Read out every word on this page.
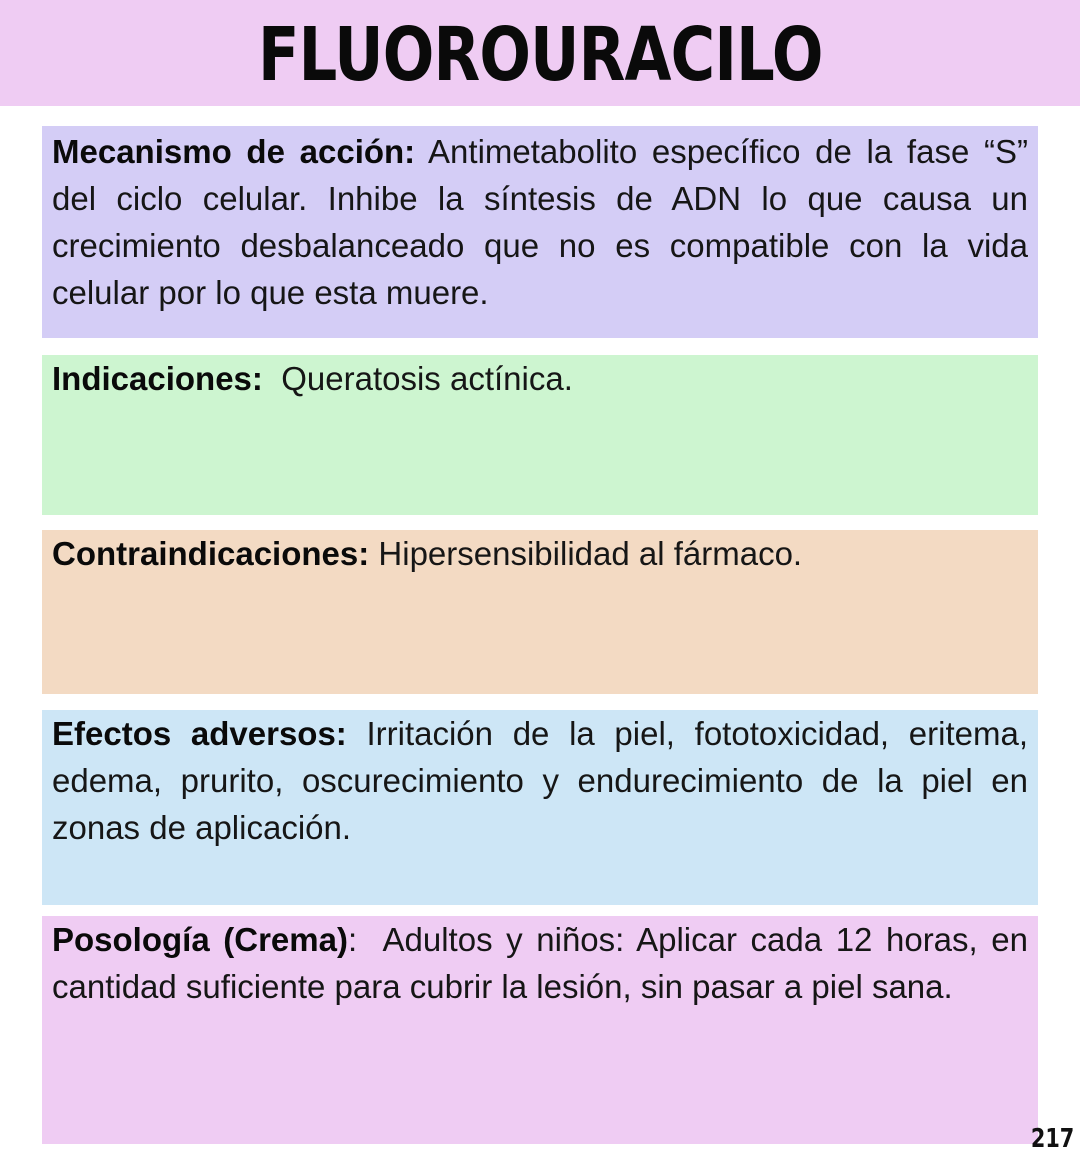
FLUOROURACILO
Mecanismo de acción: Antimetabolito específico de la fase “S” del ciclo celular. Inhibe la síntesis de ADN lo que causa un crecimiento desbalanceado que no es compatible con la vida celular por lo que esta muere.
Indicaciones:  Queratosis actínica.
Contraindicaciones: Hipersensibilidad al fármaco.
Efectos adversos: Irritación de la piel, fototoxicidad, eritema, edema, prurito, oscurecimiento y endurecimiento de la piel en zonas de aplicación.
Posología (Crema):  Adultos y niños: Aplicar cada 12 horas, en cantidad suficiente para cubrir la lesión, sin pasar a piel sana.
217
